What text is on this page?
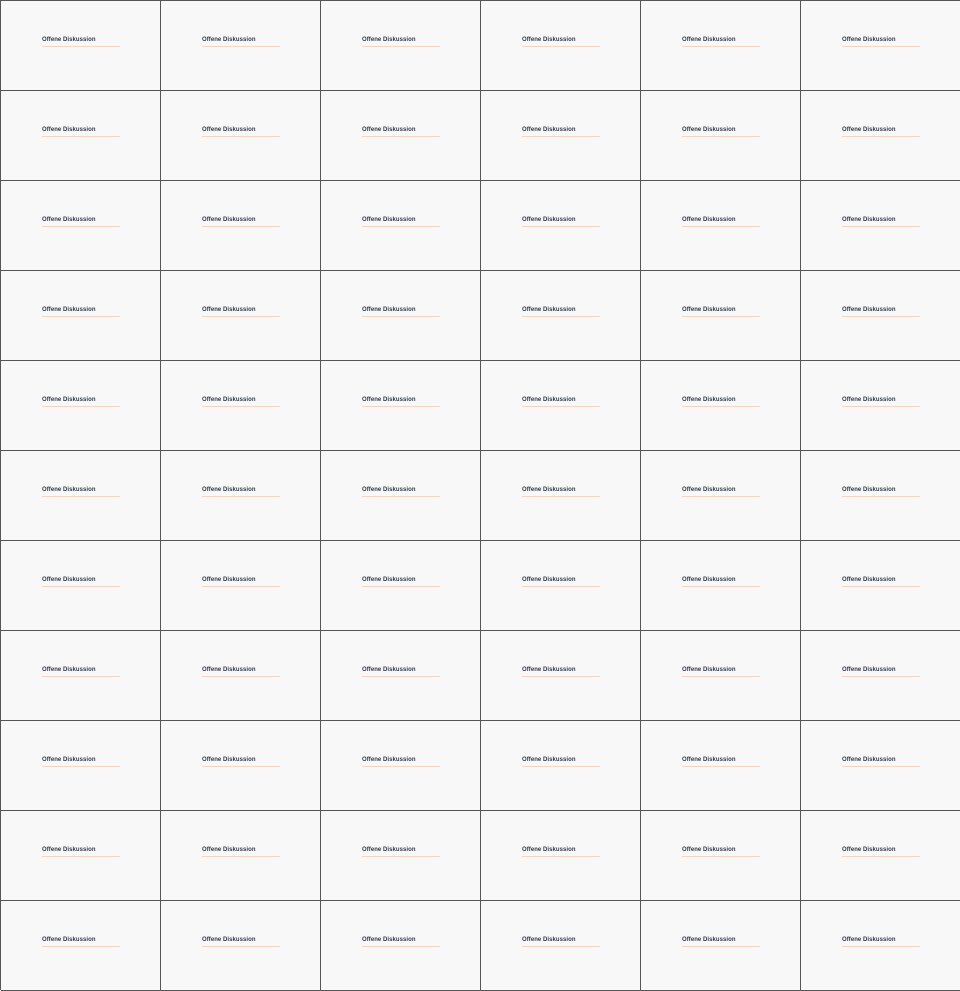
Offene Diskussion	Offene Diskussion	Offene Diskussion	Offene Diskussion	Offene Diskussion	Offene Diskussion
Offene Diskussion	Offene Diskussion	Offene Diskussion	Offene Diskussion	Offene Diskussion	Offene Diskussion
Offene Diskussion	Offene Diskussion	Offene Diskussion	Offene Diskussion	Offene Diskussion	Offene Diskussion
Offene Diskussion	Offene Diskussion	Offene Diskussion	Offene Diskussion	Offene Diskussion	Offene Diskussion
Offene Diskussion	Offene Diskussion	Offene Diskussion	Offene Diskussion	Offene Diskussion	Offene Diskussion
Offene Diskussion	Offene Diskussion	Offene Diskussion	Offene Diskussion	Offene Diskussion	Offene Diskussion
Offene Diskussion	Offene Diskussion	Offene Diskussion	Offene Diskussion	Offene Diskussion	Offene Diskussion
Offene Diskussion	Offene Diskussion	Offene Diskussion	Offene Diskussion	Offene Diskussion	Offene Diskussion
Offene Diskussion	Offene Diskussion	Offene Diskussion	Offene Diskussion	Offene Diskussion	Offene Diskussion
Offene Diskussion	Offene Diskussion	Offene Diskussion	Offene Diskussion	Offene Diskussion	Offene Diskussion
Offene Diskussion	Offene Diskussion	Offene Diskussion	Offene Diskussion	Offene Diskussion	Offene Diskussion
